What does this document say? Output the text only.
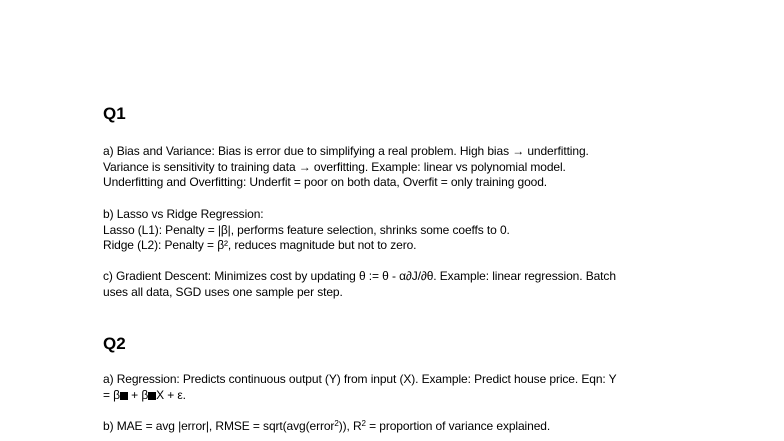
Q1

a) Bias and Variance: Bias is error due to simplifying a real problem. High bias → underfitting.
Variance is sensitivity to training data → overfitting. Example: linear vs polynomial model.
Underfitting and Overfitting: Underfit = poor on both data, Overfit = only training good.

b) Lasso vs Ridge Regression:
Lasso (L1): Penalty = |β|, performs feature selection, shrinks some coeffs to 0.
Ridge (L2): Penalty = β², reduces magnitude but not to zero.

c) Gradient Descent: Minimizes cost by updating θ := θ - α∂J/∂θ. Example: linear regression. Batch
uses all data, SGD uses one sample per step.

Q2

a) Regression: Predicts continuous output (Y) from input (X). Example: Predict house price. Eqn: Y
= β + β X + ε.

b) MAE = avg |error|, RMSE = sqrt(avg(error$^2$)), $R^2$ = proportion of variance explained.
